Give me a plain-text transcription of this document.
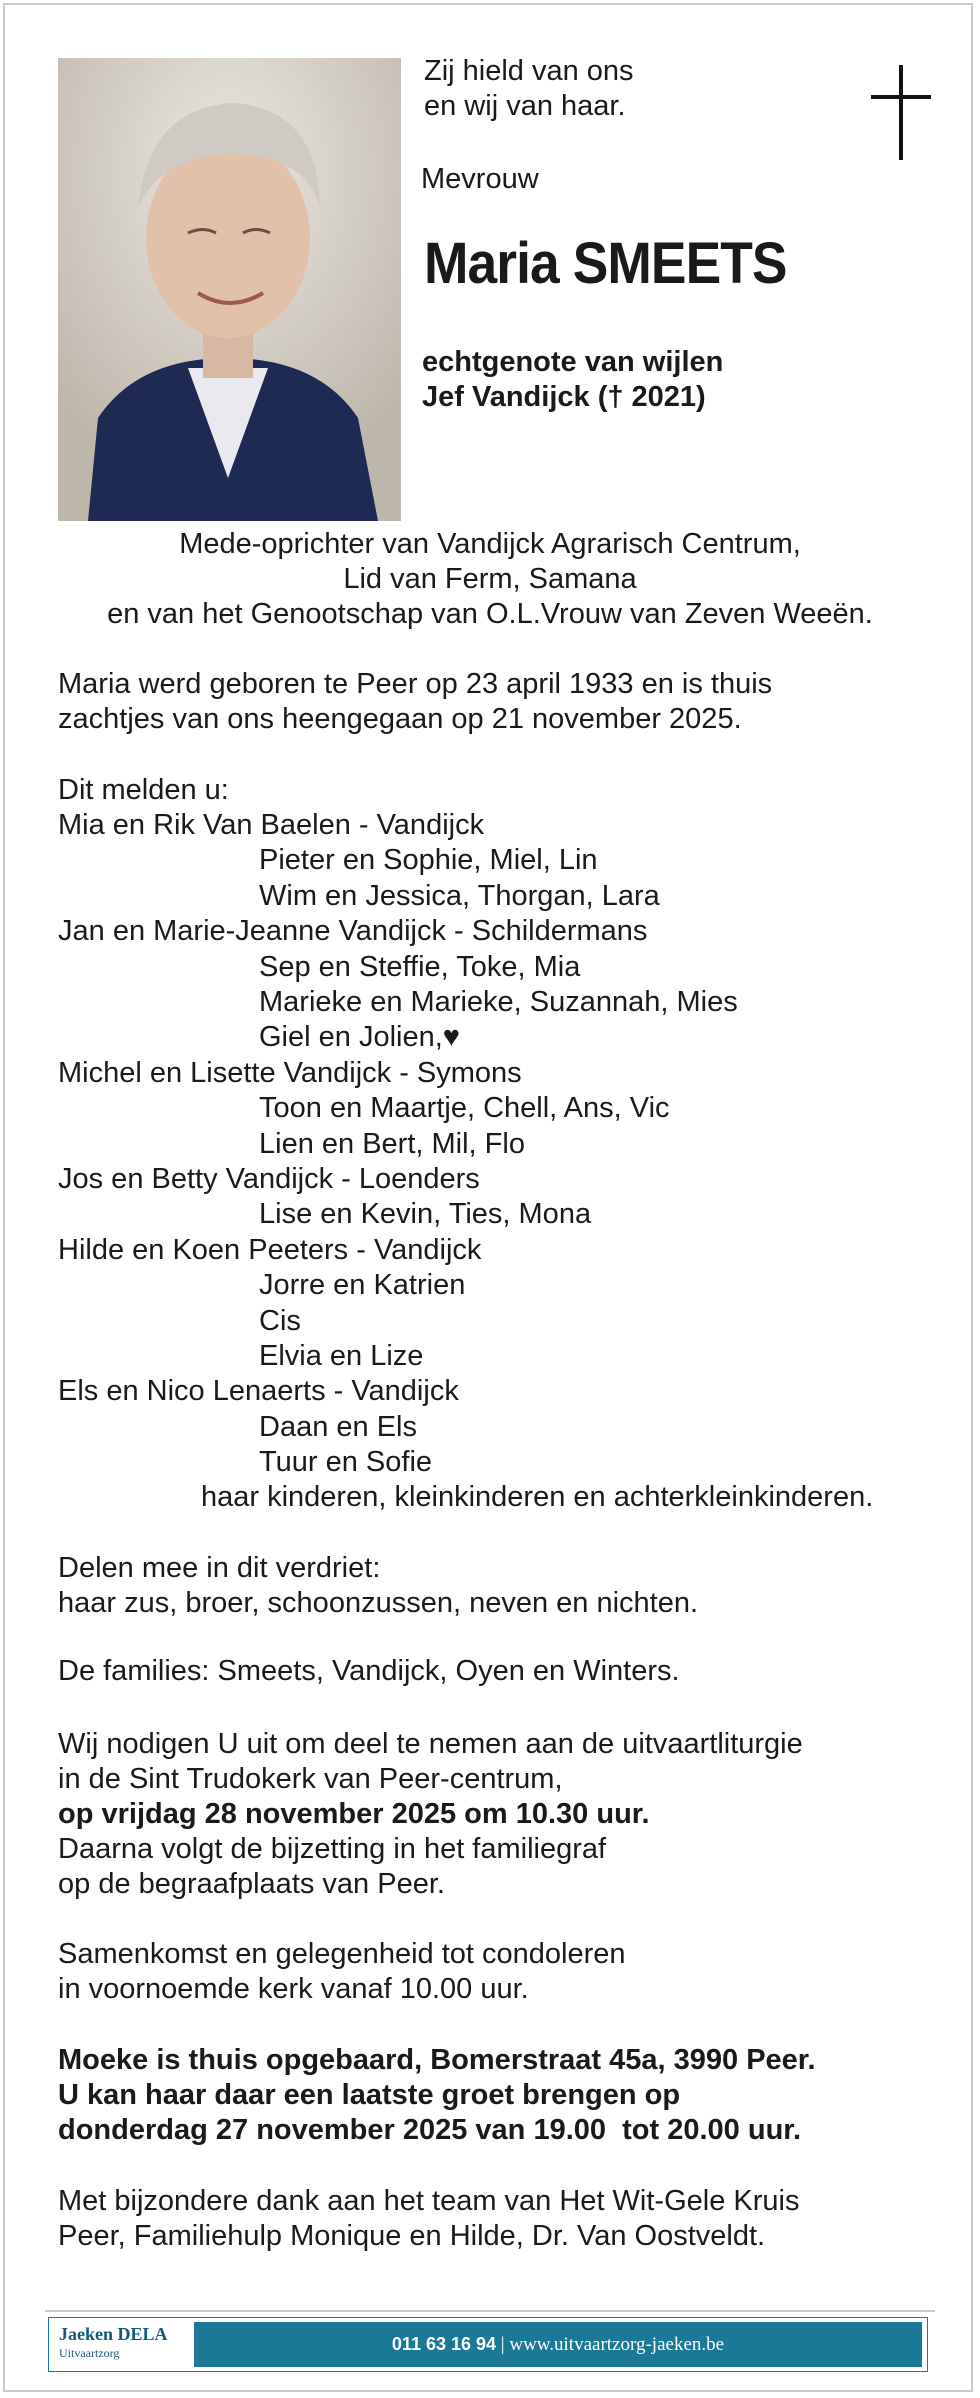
Zij hield van ons
en wij van haar.
Mevrouw
Maria SMEETS
echtgenote van wijlen
Jef Vandijck († 2021)
Mede-oprichter van Vandijck Agrarisch Centrum,
Lid van Ferm, Samana
en van het Genootschap van O.L.Vrouw van Zeven Weeën.
Maria werd geboren te Peer op 23 april 1933 en is thuis
zachtjes van ons heengegaan op 21 november 2025.
Dit melden u:
Mia en Rik Van Baelen - Vandijck
Pieter en Sophie, Miel, Lin
Wim en Jessica, Thorgan, Lara
Jan en Marie-Jeanne Vandijck - Schildermans
Sep en Steffie, Toke, Mia
Marieke en Marieke, Suzannah, Mies
Giel en Jolien,♥
Michel en Lisette Vandijck - Symons
Toon en Maartje, Chell, Ans, Vic
Lien en Bert, Mil, Flo
Jos en Betty Vandijck - Loenders
Lise en Kevin, Ties, Mona
Hilde en Koen Peeters - Vandijck
Jorre en Katrien
Cis
Elvia en Lize
Els en Nico Lenaerts - Vandijck
Daan en Els
Tuur en Sofie
haar kinderen, kleinkinderen en achterkleinkinderen.
Delen mee in dit verdriet:
haar zus, broer, schoonzussen, neven en nichten.
De families: Smeets, Vandijck, Oyen en Winters.
Wij nodigen U uit om deel te nemen aan de uitvaartliturgie
in de Sint Trudokerk van Peer-centrum,
op vrijdag 28 november 2025 om 10.30 uur.
Daarna volgt de bijzetting in het familiegraf
op de begraafplaats van Peer.
Samenkomst en gelegenheid tot condoleren
in voornoemde kerk vanaf 10.00 uur.
Moeke is thuis opgebaard, Bomerstraat 45a, 3990 Peer.
U kan haar daar een laatste groet brengen op
donderdag 27 november 2025 van 19.00  tot 20.00 uur.
Met bijzondere dank aan het team van Het Wit-Gele Kruis
Peer, Familiehulp Monique en Hilde, Dr. Van Oostveldt.
Jaeken DELA
Uitvaartzorg	011 63 16 94 | www.uitvaartzorg-jaeken.be
